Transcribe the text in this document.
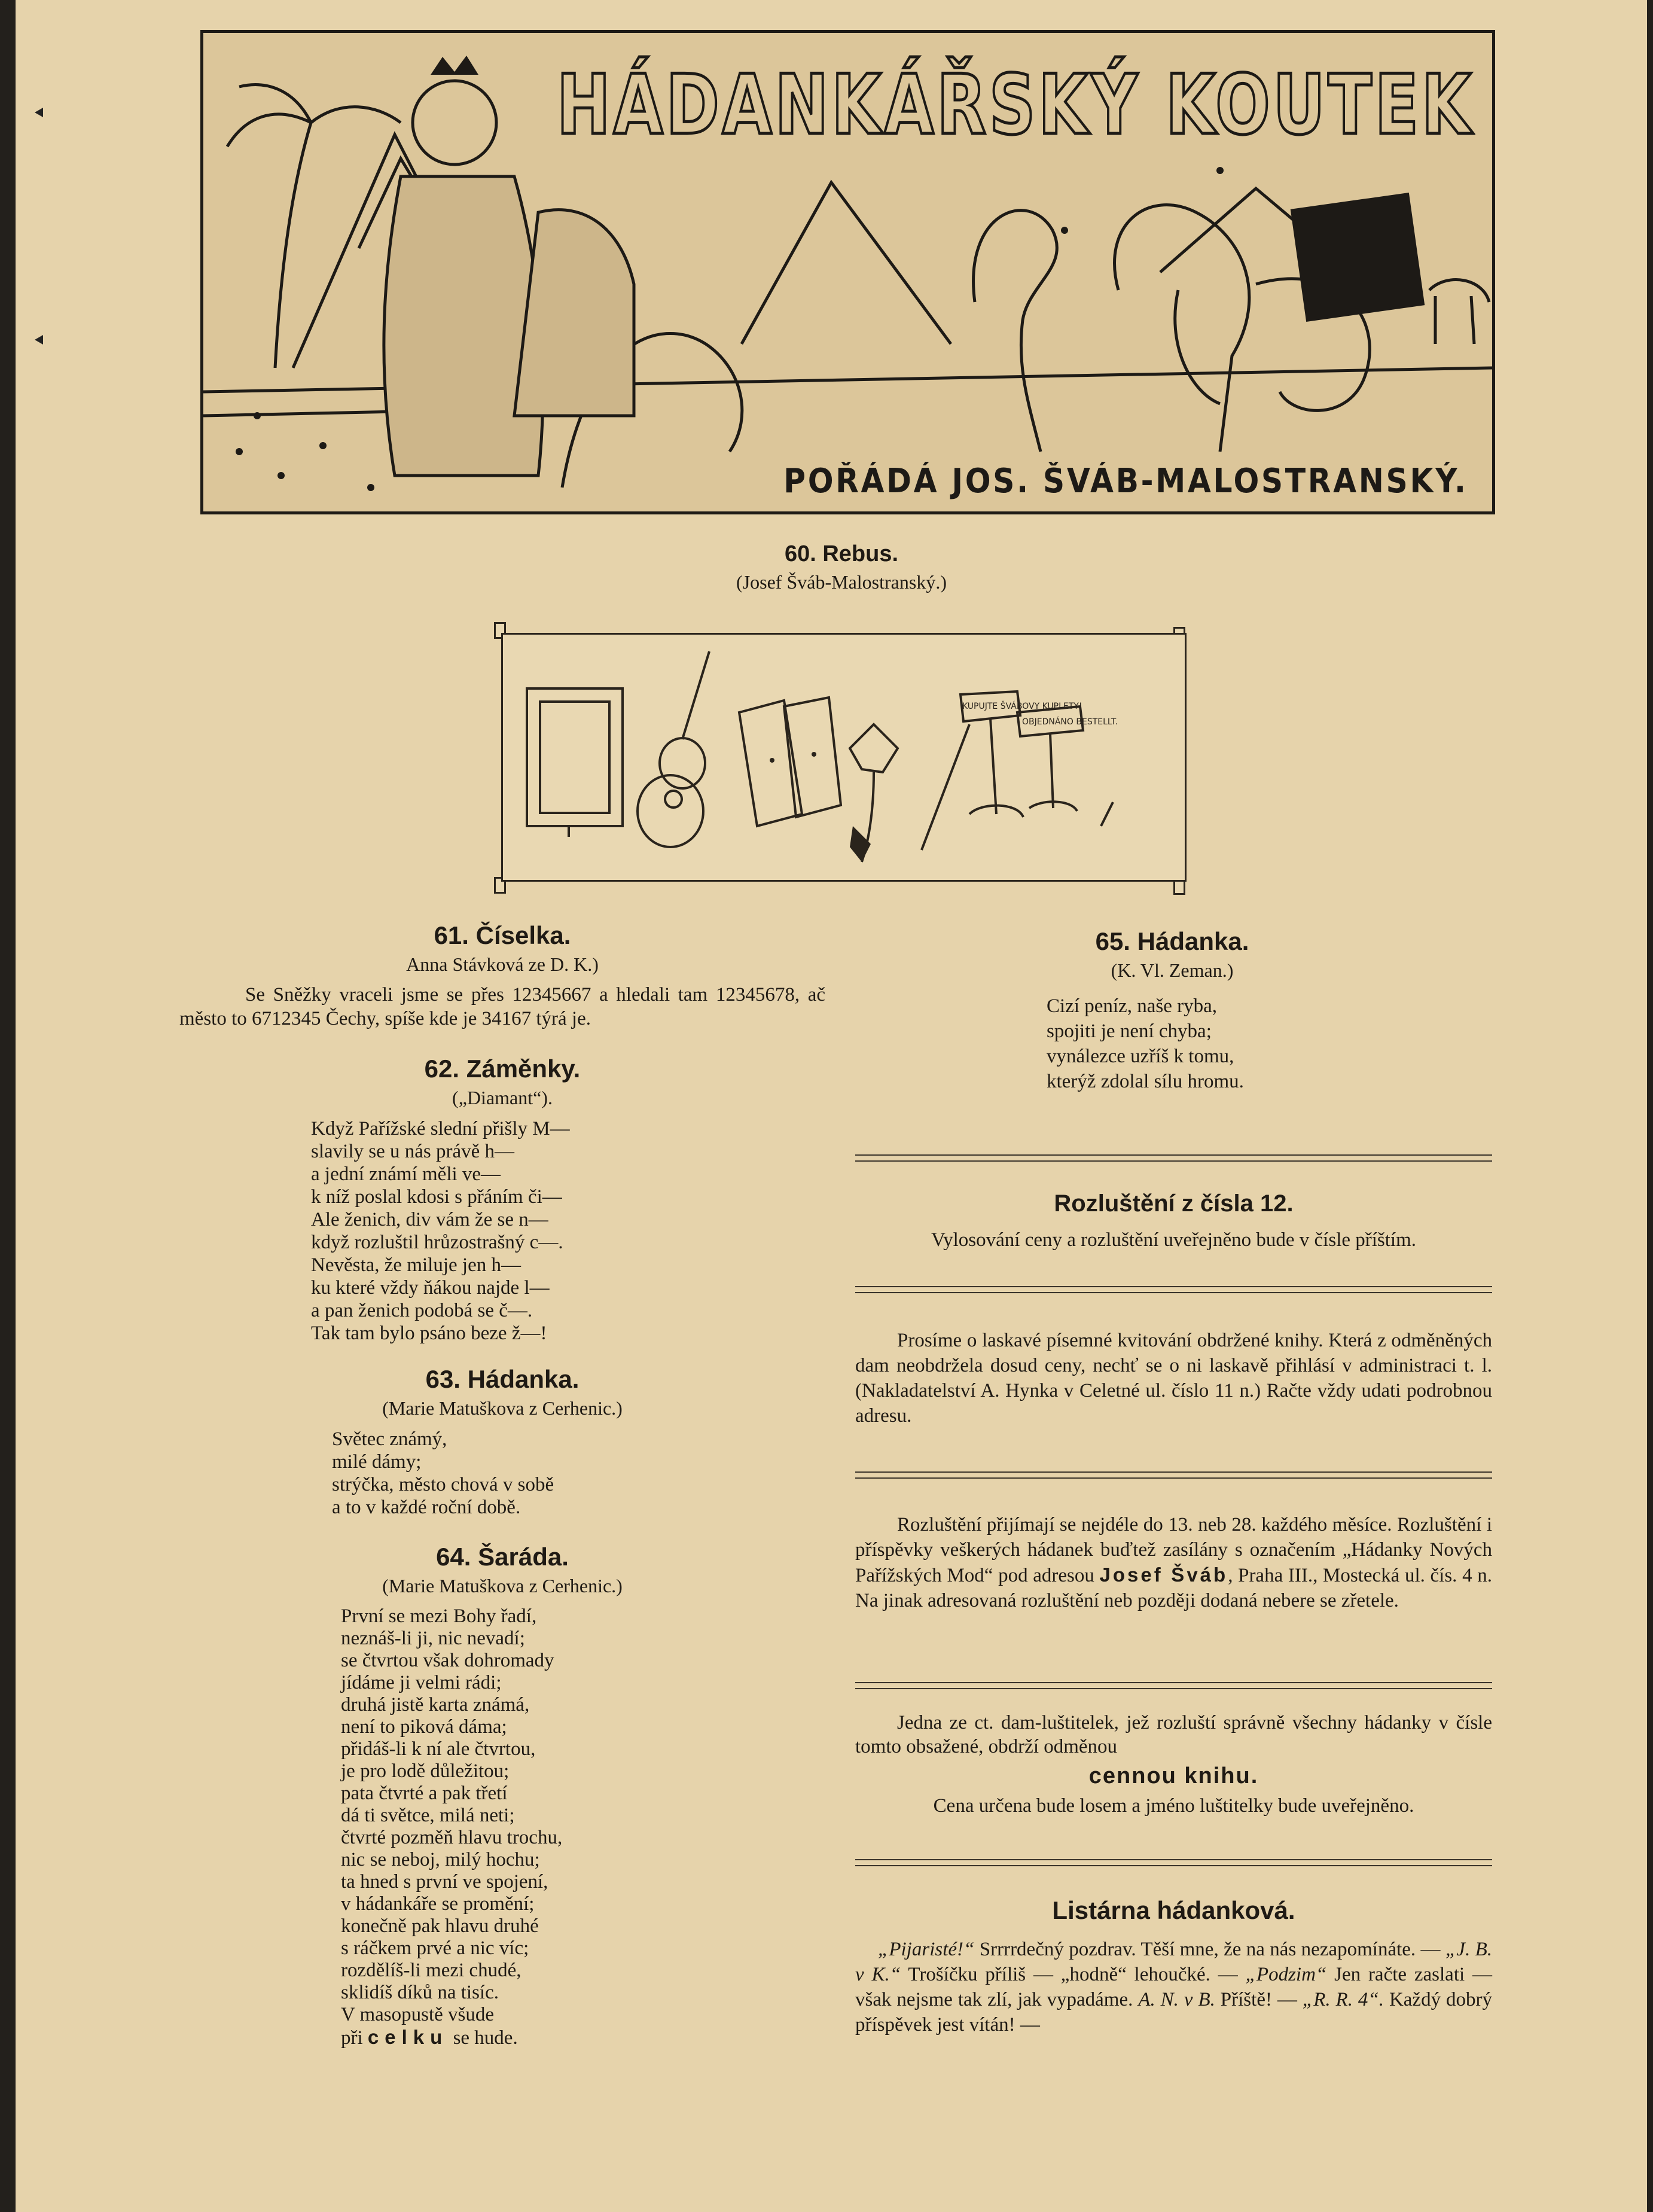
HÁDANKÁŘSKÝ KOUTEK
POŘÁDÁ JOS. ŠVÁB-MALOSTRANSKÝ.
60. Rebus.
(Josef Šváb-Malostranský.)
KUPUJTE ŠVÁBOVY KUPLETY!
OBJEDNÁNO BESTELLT.
61. Číselka.
Anna Stávková ze D. K.)

Se Sněžky vraceli jsme se přes 12345667 a hledali tam 12345678, ač město to 6712345 Čechy, spíše kde je 34167 týrá je.

62. Záměnky.
(„Diamant“).

Když Pařížské slední přišly M—
slavily se u nás právě h—
a jední známí měli ve—
k níž poslal kdosi s přáním či—
Ale ženich, div vám že se n—
když rozluštil hrůzostrašný c—.
Nevěsta, že miluje jen h—
ku které vždy ňákou najde l—
a pan ženich podobá se č—.
Tak tam bylo psáno beze ž—!

63. Hádanka.
(Marie Matuškova z Cerhenic.)

Světec známý,
milé dámy;
strýčka, město chová v sobě
a to v každé roční době.

64. Šaráda.
(Marie Matuškova z Cerhenic.)

První se mezi Bohy řadí,
neznáš-li ji, nic nevadí;
se čtvrtou však dohromady
jídáme ji velmi rádi;
druhá jistě karta známá,
není to piková dáma;
přidáš-li k ní ale čtvrtou,
je pro lodě důležitou;
pata čtvrté a pak třetí
dá ti světce, milá neti;
čtvrté pozměň hlavu trochu,
nic se neboj, milý hochu;
ta hned s první ve spojení,
v hádankáře se promění;
konečně pak hlavu druhé
s ráčkem prvé a nic víc;
rozdělíš-li mezi chudé,
sklidíš díků na tisíc.
V masopustě všude
při celku se hude.

65. Hádanka.
(K. Vl. Zeman.)

Cizí peníz, naše ryba,
spojiti je není chyba;
vynálezce uzříš k tomu,
kterýž zdolal sílu hromu.

Rozluštění z čísla 12.

Vylosování ceny a rozluštění uveřejněno bude v čísle příštím.

Prosíme o laskavé písemné kvitování obdržené knihy. Která z odměněných dam neobdržela dosud ceny, nechť se o ni laskavě přihlásí v administraci t. l. (Nakladatelství A. Hynka v Celetné ul. číslo 11 n.) Račte vždy udati podrobnou adresu.

Rozluštění přijímají se nejdéle do 13. neb 28. každého měsíce. Rozluštění i příspěvky veškerých hádanek buďtež zasílány s označením „Hádanky Nových Pařížských Mod“ pod adresou Josef Šváb, Praha III., Mostecká ul. čís. 4 n. Na jinak adresovaná rozluštění neb později dodaná nebere se zřetele.

Jedna ze ct. dam-luštitelek, jež rozluští správně všechny hádanky v čísle tomto obsažené, obdrží odměnou

cennou knihu.

Cena určena bude losem a jméno luštitelky bude uveřejněno.

Listárna hádanková.

„Pijaristé!“ Srrrrdečný pozdrav. Těší mne, že na nás nezapomínáte. — „J. B. v K.“ Trošíčku příliš — „hodně“ lehoučké. — „Podzim“ Jen račte zaslati — však nejsme tak zlí, jak vypadáme. A. N. v B. Příště! — „R. R. 4“. Každý dobrý příspěvek jest vítán! —
